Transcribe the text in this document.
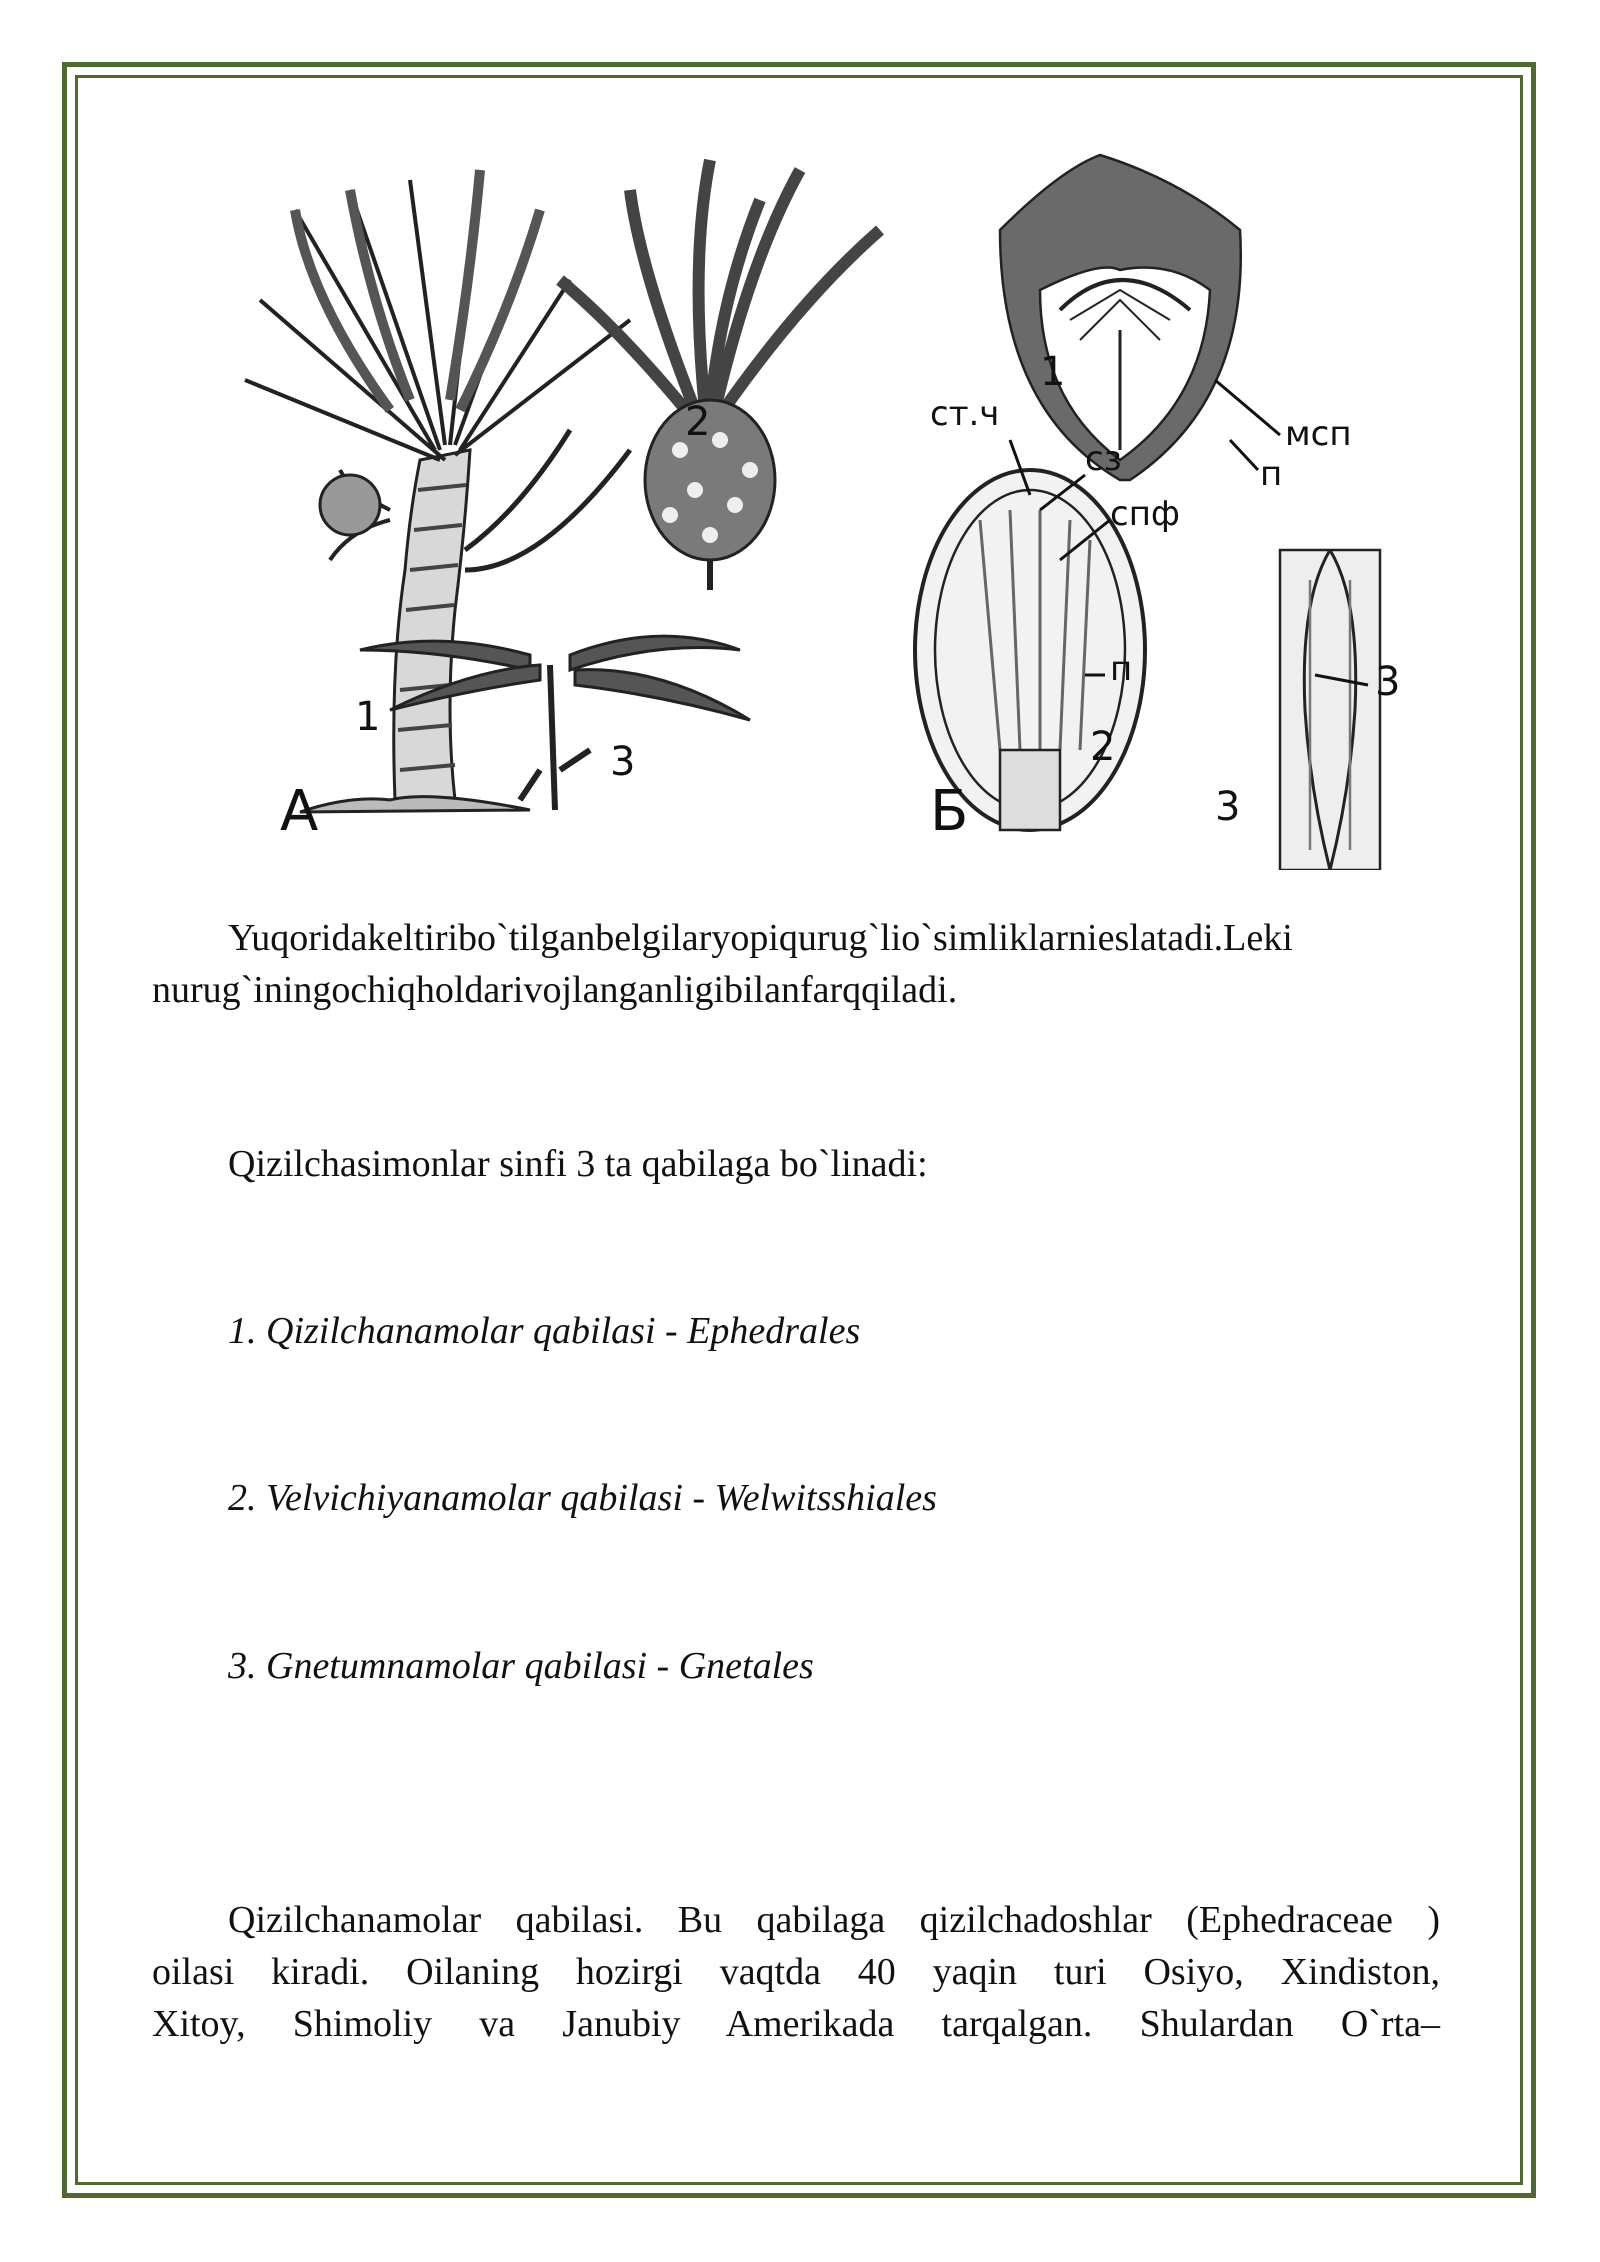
А	Б
1
2
3
1
2
3
ст.ч
сз
спф
п
мсп
п
3

Yuqoridakeltiribo`tilganbelgilaryopiqurug`lio`simliklarnieslatadi.Leki

nurug`iningochiqholdarivojlanganligibilanfarqqiladi.

Qizilchasimonlar sinfi 3 ta qabilaga bo`linadi:

1. Qizilchanamolar qabilasi - Ephedrales

2. Velvichiyanamolar qabilasi - Welwitsshiales

3. Gnetumnamolar qabilasi - Gnetales

Qizilchanamolar qabilasi. Bu qabilaga qizilchadoshlar (Ephedraceae )

oilasi kiradi. Oilaning hozirgi vaqtda 40 yaqin turi Osiyo, Xindiston,

Xitoy, Shimoliy va Janubiy Amerikada tarqalgan. Shulardan O`rta–
